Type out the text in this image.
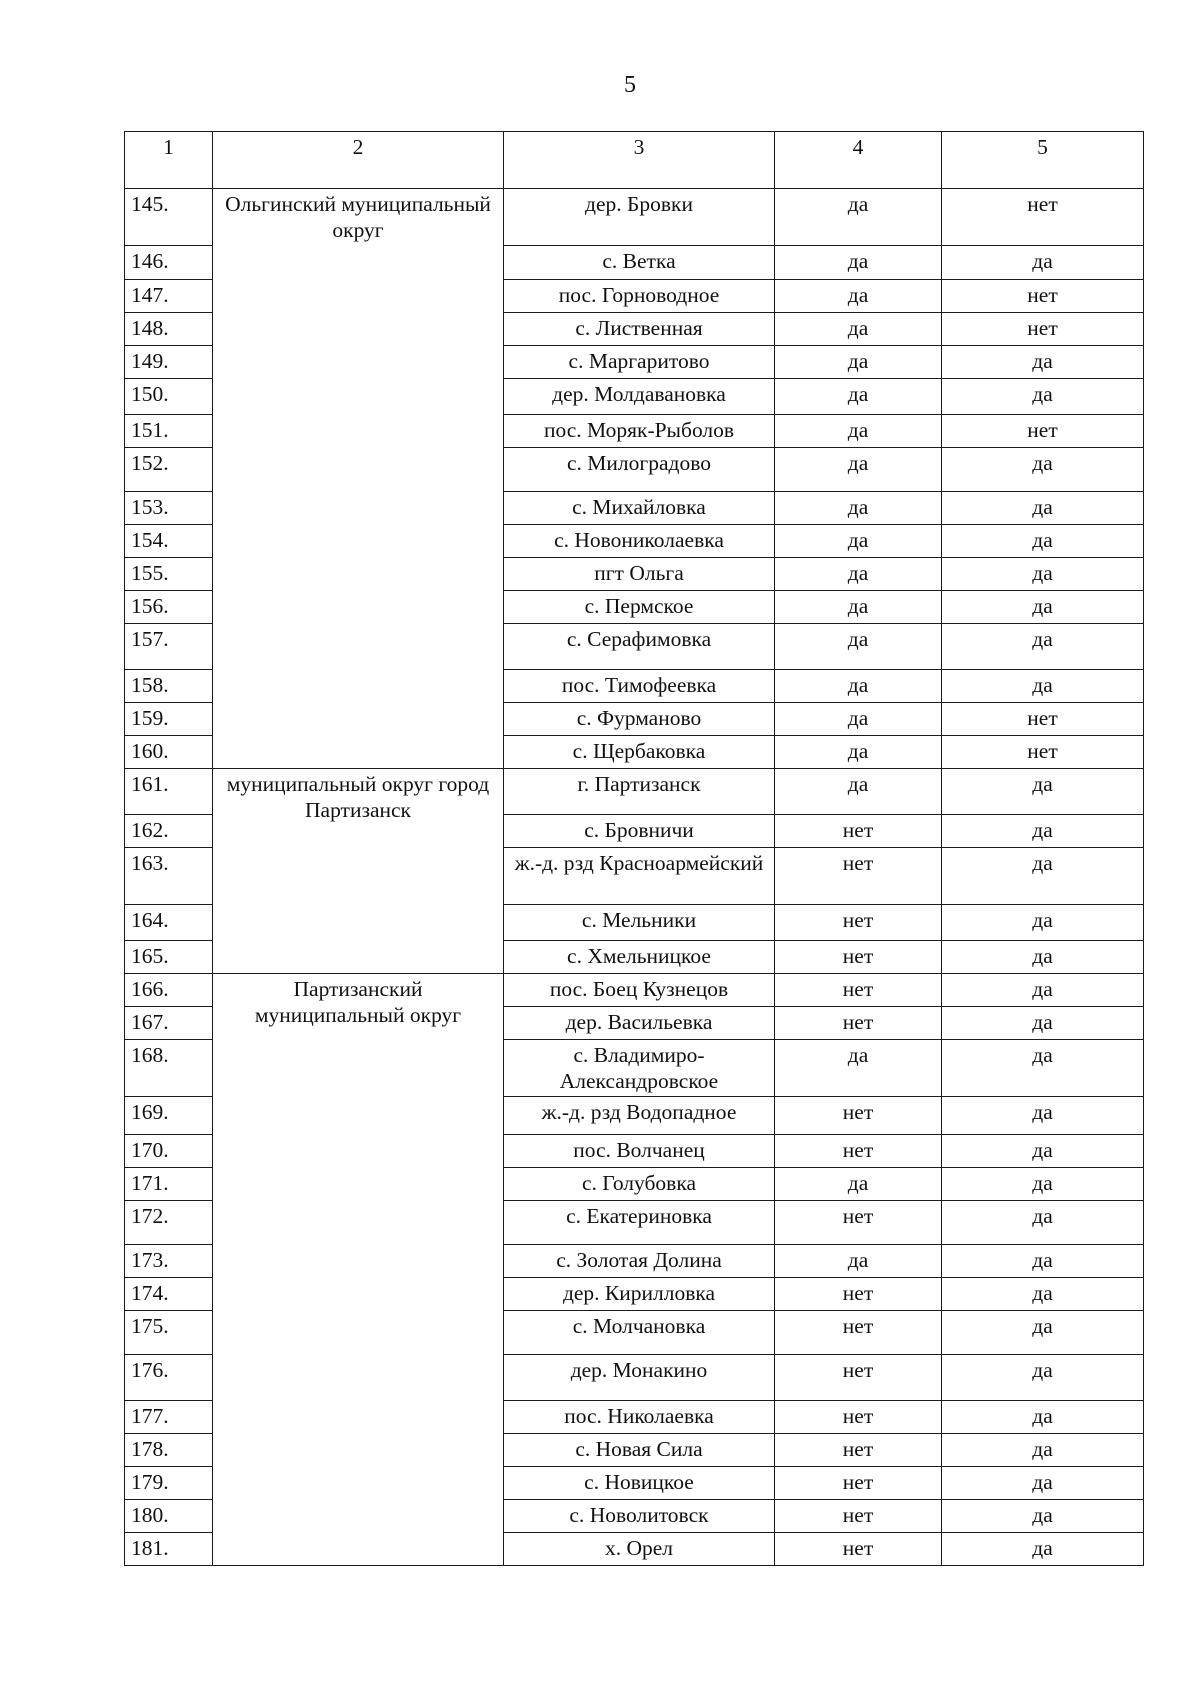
5
1	2	3	4	5
145.	Ольгинский муниципальный округ	дер. Бровки	да	нет
146.		с. Ветка	да	да
147.		пос. Горноводное	да	нет
148.		с. Лиственная	да	нет
149.		с. Маргаритово	да	да
150.		дер. Молдавановка	да	да
151.		пос. Моряк-Рыболов	да	нет
152.		с. Милоградово	да	да
153.		с. Михайловка	да	да
154.		с. Новониколаевка	да	да
155.		пгт Ольга	да	да
156.		с. Пермское	да	да
157.		с. Серафимовка	да	да
158.		пос. Тимофеевка	да	да
159.		с. Фурманово	да	нет
160.		с. Щербаковка	да	нет
161.	муниципальный округ город Партизанск	г. Партизанск	да	да
162.		с. Бровничи	нет	да
163.		ж.-д. рзд Красноармейский	нет	да
164.		с. Мельники	нет	да
165.		с. Хмельницкое	нет	да
166.	Партизанский муниципальный округ	пос. Боец Кузнецов	нет	да
167.		дер. Васильевка	нет	да
168.		с. Владимиро-Александровское	да	да
169.		ж.-д. рзд Водопадное	нет	да
170.		пос. Волчанец	нет	да
171.		с. Голубовка	да	да
172.		с. Екатериновка	нет	да
173.		с. Золотая Долина	да	да
174.		дер. Кирилловка	нет	да
175.		с. Молчановка	нет	да
176.		дер. Монакино	нет	да
177.		пос. Николаевка	нет	да
178.		с. Новая Сила	нет	да
179.		с. Новицкое	нет	да
180.		с. Новолитовск	нет	да
181.		х. Орел	нет	да
